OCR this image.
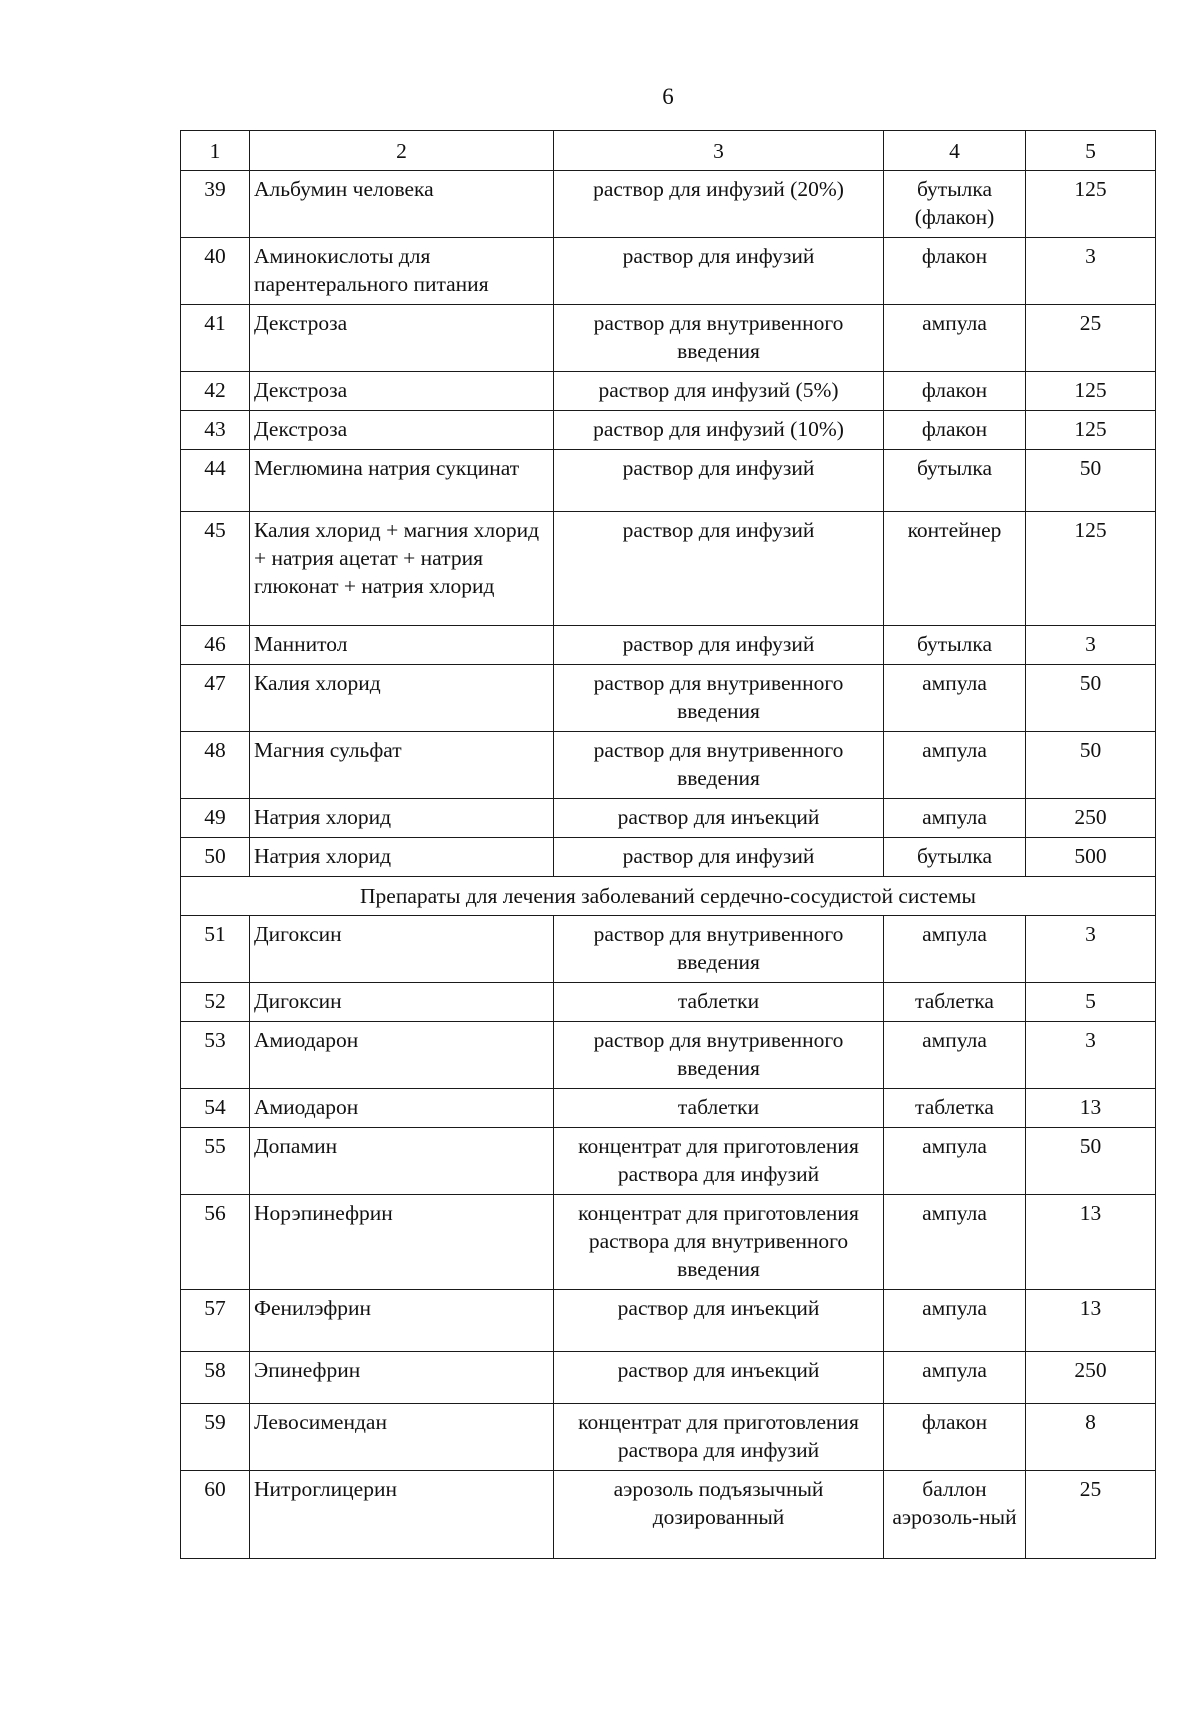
6
1	2	3	4	5
39	Альбумин человека	раствор для инфузий (20%)	бутылка (флакон)	125
40	Аминокислоты для парентерального питания	раствор для инфузий	флакон	3
41	Декстроза	раствор для внутривенного введения	ампула	25
42	Декстроза	раствор для инфузий (5%)	флакон	125
43	Декстроза	раствор для инфузий (10%)	флакон	125
44	Меглюмина натрия сукцинат	раствор для инфузий	бутылка	50
45	Калия хлорид + магния хлорид + натрия ацетат + натрия глюконат + натрия хлорид	раствор для инфузий	контейнер	125
46	Маннитол	раствор для инфузий	бутылка	3
47	Калия хлорид	раствор для внутривенного введения	ампула	50
48	Магния сульфат	раствор для внутривенного введения	ампула	50
49	Натрия хлорид	раствор для инъекций	ампула	250
50	Натрия хлорид	раствор для инфузий	бутылка	500
Препараты для лечения заболеваний сердечно-сосудистой системы				
51	Дигоксин	раствор для внутривенного введения	ампула	3
52	Дигоксин	таблетки	таблетка	5
53	Амиодарон	раствор для внутривенного введения	ампула	3
54	Амиодарон	таблетки	таблетка	13
55	Допамин	концентрат для приготовления раствора для инфузий	ампула	50
56	Норэпинефрин	концентрат для приготовления раствора для внутривенного введения	ампула	13
57	Фенилэфрин	раствор для инъекций	ампула	13
58	Эпинефрин	раствор для инъекций	ампула	250
59	Левосимендан	концентрат для приготовления раствора для инфузий	флакон	8
60	Нитроглицерин	аэрозоль подъязычный дозированный	баллон аэрозоль-ный	25
